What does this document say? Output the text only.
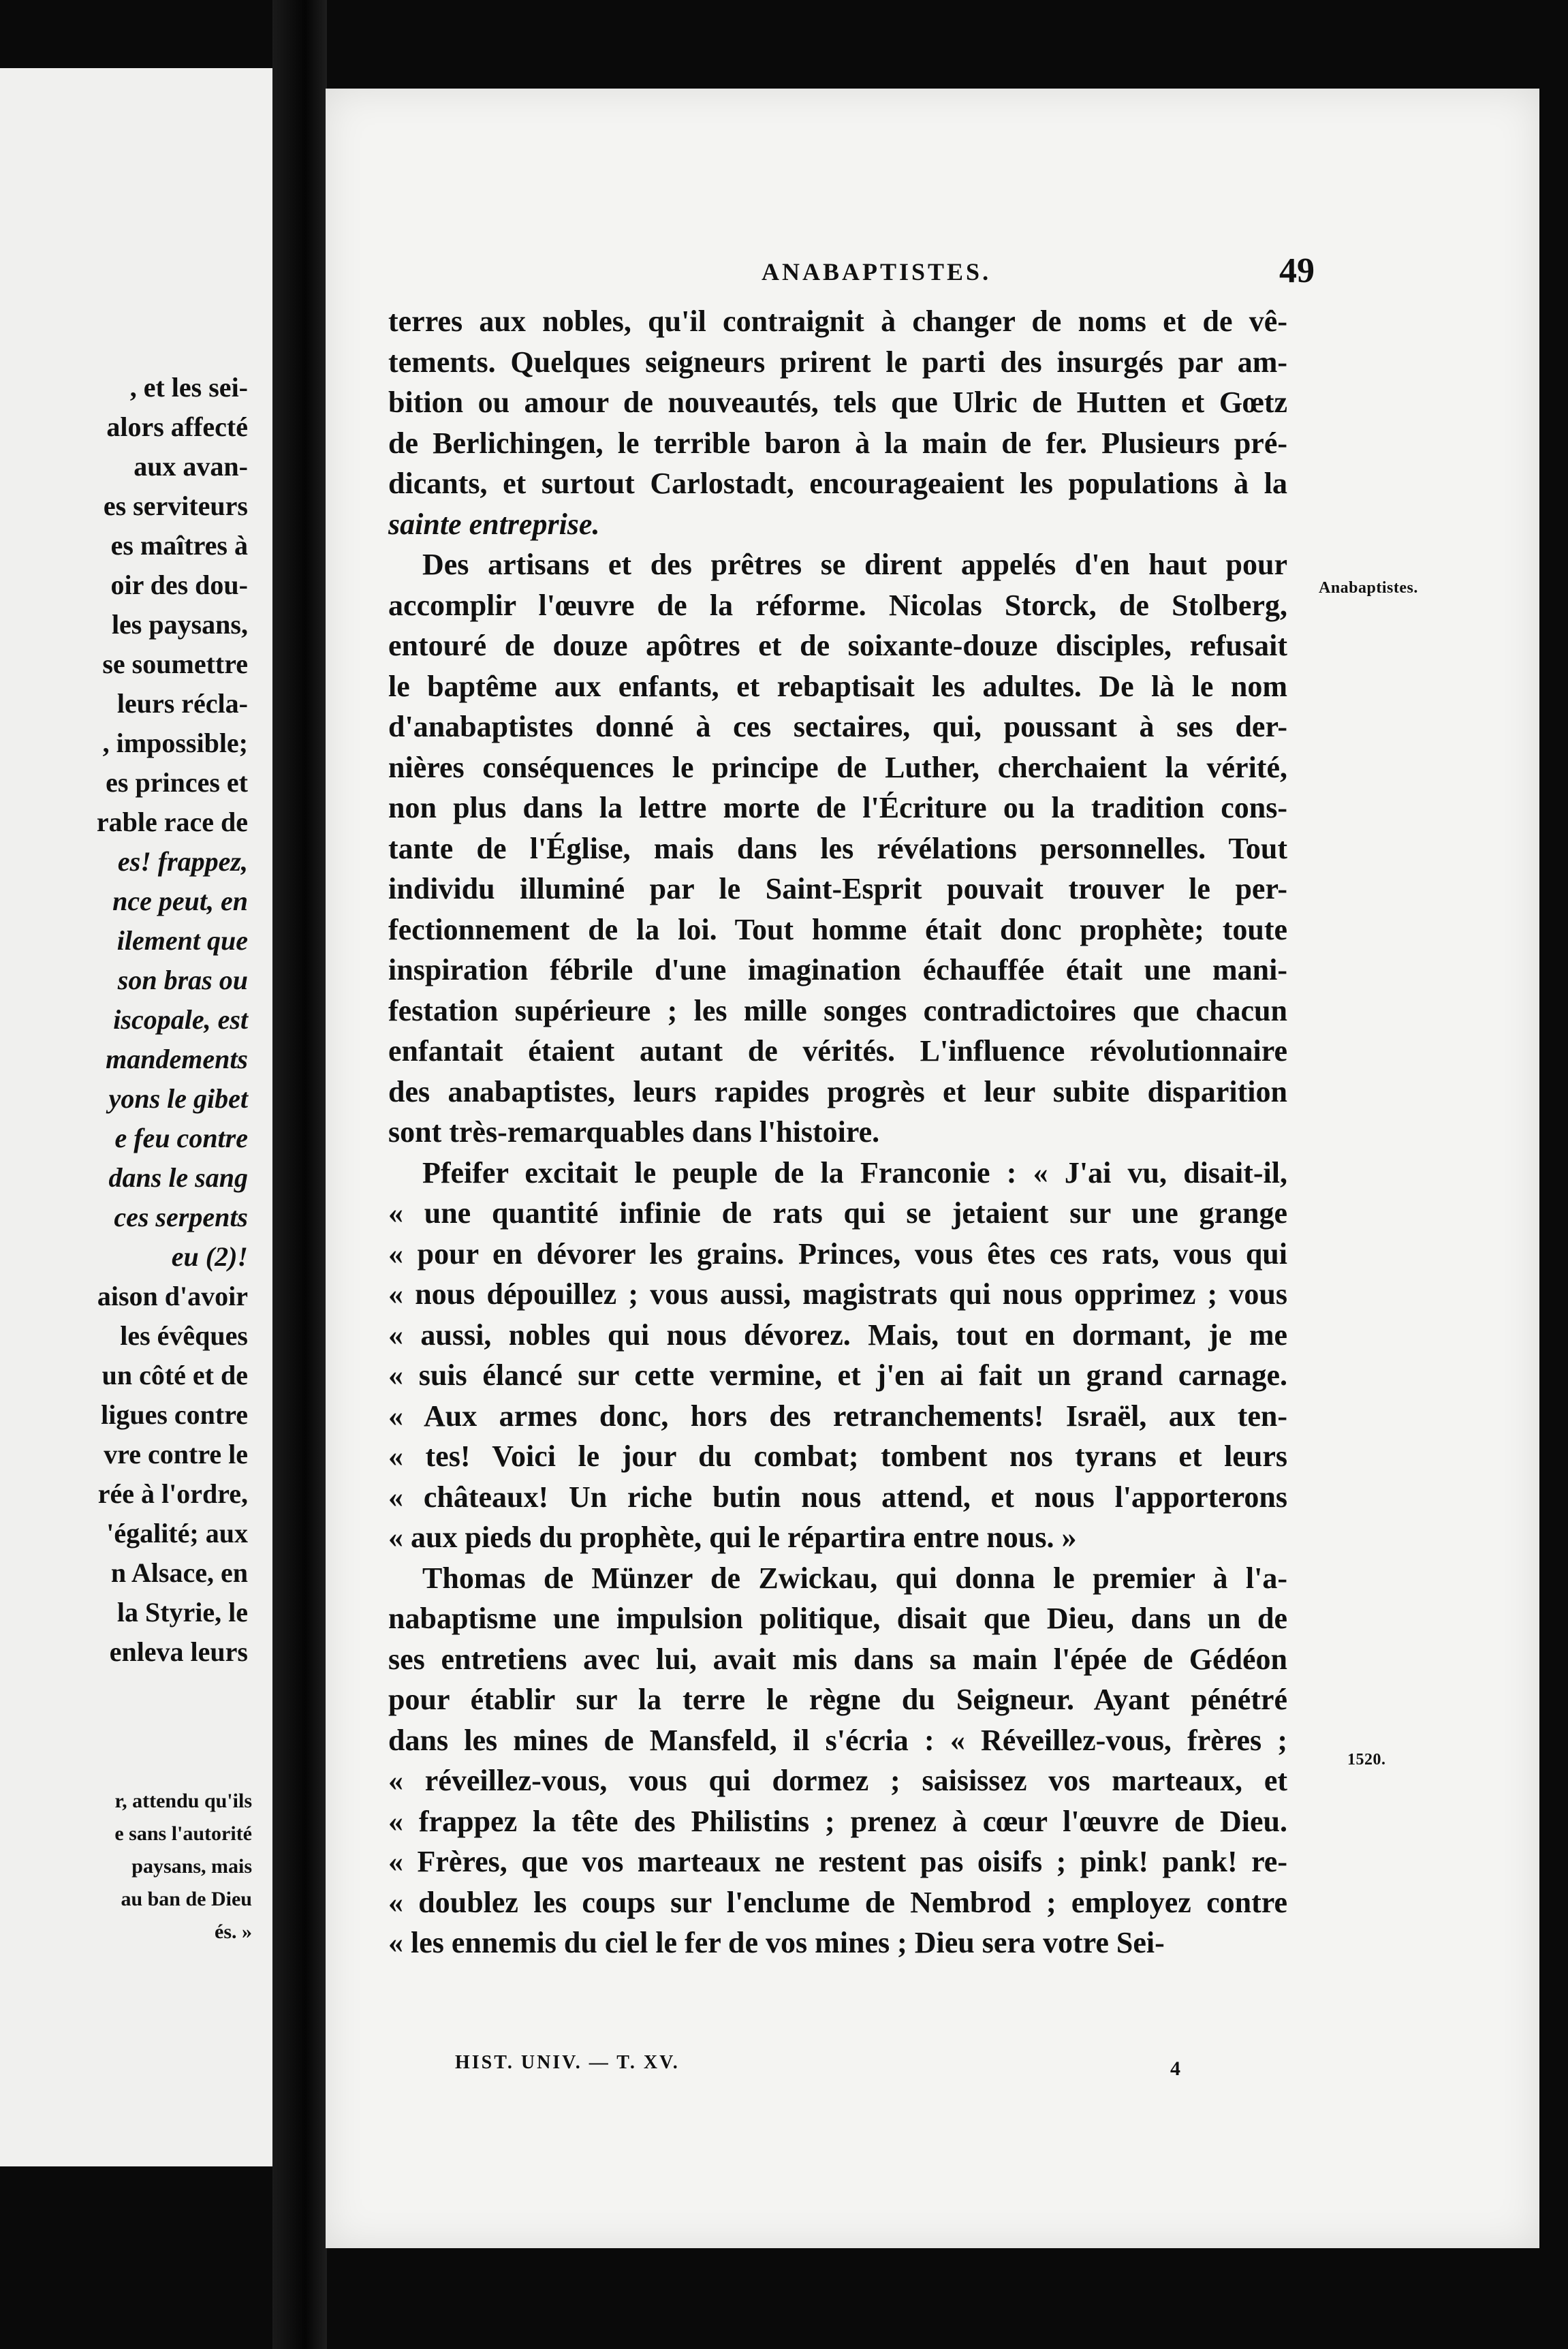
, et les sei-
alors affecté
aux avan-
es serviteurs
es maîtres à
oir des dou-
les paysans,
se soumettre
leurs récla-
, impossible;
es princes et
rable race de
es! frappez,
nce peut, en
ilement que
son bras ou
iscopale, est
mandements
yons le gibet
e feu contre
dans le sang
ces serpents
eu (2)!
aison d'avoir
les évêques
un côté et de
ligues contre
vre contre le
rée à l'ordre,
'égalité; aux
n Alsace, en
la Styrie, le
enleva leurs
r, attendu qu'ils
e sans l'autorité
paysans, mais
au ban de Dieu
és. »
ANABAPTISTES.	49
terres aux nobles, qu'il contraignit à changer de noms et de vê-
tements. Quelques seigneurs prirent le parti des insurgés par am-
bition ou amour de nouveautés, tels que Ulric de Hutten et Gœtz
de Berlichingen, le terrible baron à la main de fer. Plusieurs pré-
dicants, et surtout Carlostadt, encourageaient les populations à la
sainte entreprise.
Des artisans et des prêtres se dirent appelés d'en haut pour
accomplir l'œuvre de la réforme. Nicolas Storck, de Stolberg,
entouré de douze apôtres et de soixante-douze disciples, refusait
le baptême aux enfants, et rebaptisait les adultes. De là le nom
d'anabaptistes donné à ces sectaires, qui, poussant à ses der-
nières conséquences le principe de Luther, cherchaient la vérité,
non plus dans la lettre morte de l'Écriture ou la tradition cons-
tante de l'Église, mais dans les révélations personnelles. Tout
individu illuminé par le Saint-Esprit pouvait trouver le per-
fectionnement de la loi. Tout homme était donc prophète; toute
inspiration fébrile d'une imagination échauffée était une mani-
festation supérieure ; les mille songes contradictoires que chacun
enfantait étaient autant de vérités. L'influence révolutionnaire
des anabaptistes, leurs rapides progrès et leur subite disparition
sont très-remarquables dans l'histoire.
Pfeifer excitait le peuple de la Franconie : « J'ai vu, disait-il,
« une quantité infinie de rats qui se jetaient sur une grange
« pour en dévorer les grains. Princes, vous êtes ces rats, vous qui
« nous dépouillez ; vous aussi, magistrats qui nous opprimez ; vous
« aussi, nobles qui nous dévorez. Mais, tout en dormant, je me
« suis élancé sur cette vermine, et j'en ai fait un grand carnage.
« Aux armes donc, hors des retranchements! Israël, aux ten-
« tes! Voici le jour du combat; tombent nos tyrans et leurs
« châteaux! Un riche butin nous attend, et nous l'apporterons
« aux pieds du prophète, qui le répartira entre nous. »
Thomas de Münzer de Zwickau, qui donna le premier à l'a-
nabaptisme une impulsion politique, disait que Dieu, dans un de
ses entretiens avec lui, avait mis dans sa main l'épée de Gédéon
pour établir sur la terre le règne du Seigneur. Ayant pénétré
dans les mines de Mansfeld, il s'écria : « Réveillez-vous, frères ;
« réveillez-vous, vous qui dormez ; saisissez vos marteaux, et
« frappez la tête des Philistins ; prenez à cœur l'œuvre de Dieu.
« Frères, que vos marteaux ne restent pas oisifs ; pink! pank! re-
« doublez les coups sur l'enclume de Nembrod ; employez contre
« les ennemis du ciel le fer de vos mines ; Dieu sera votre Sei-
Anabaptistes.
1520.
HIST. UNIV. — T. XV.	4
